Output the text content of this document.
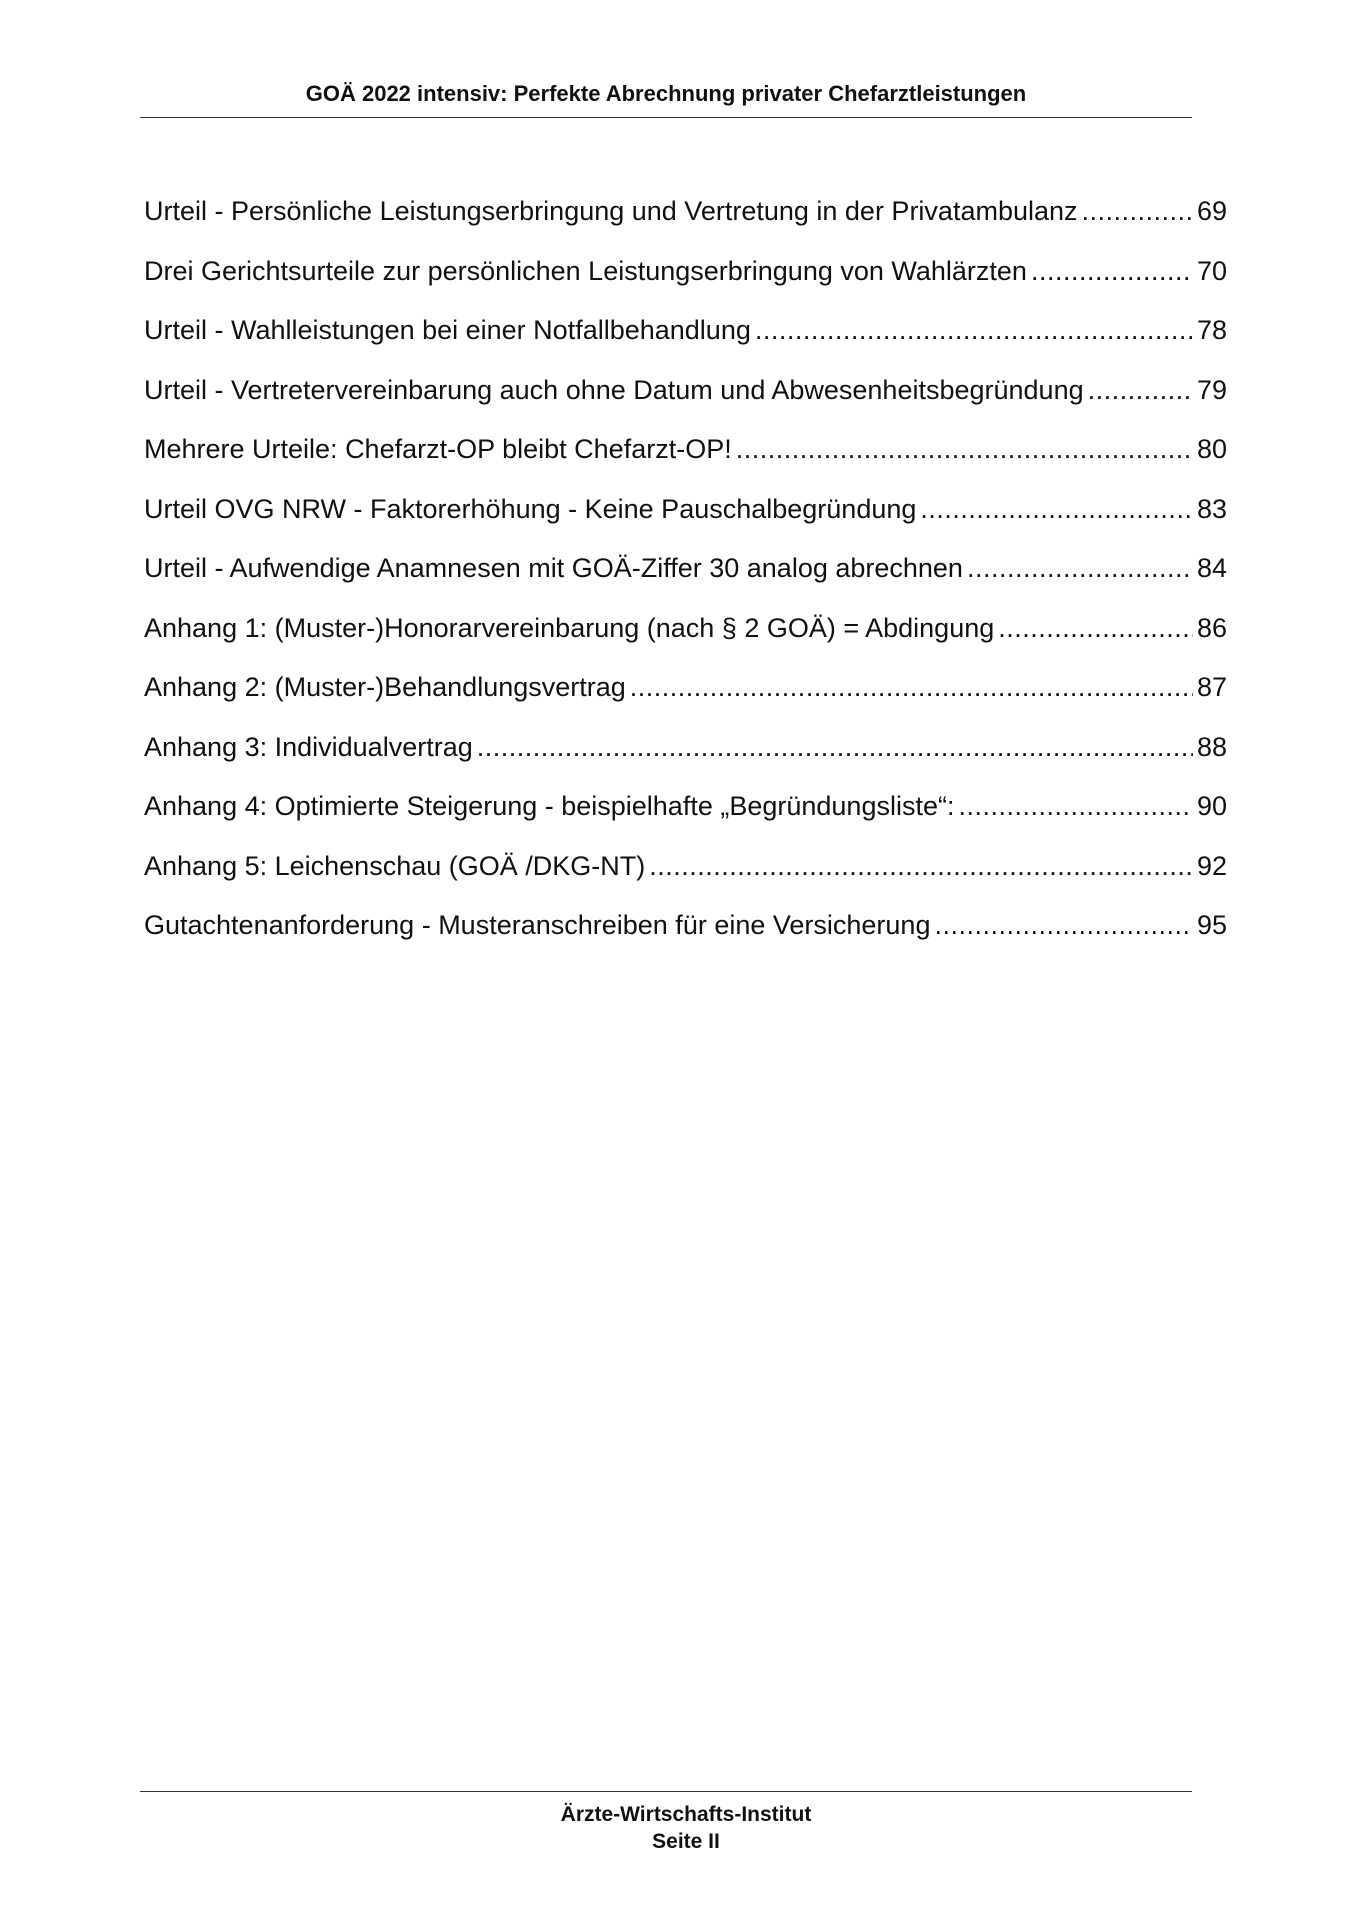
GOÄ 2022 intensiv: Perfekte Abrechnung privater Chefarztleistungen
Urteil - Persönliche Leistungserbringung und Vertretung in der Privatambulanz .....	69
Drei Gerichtsurteile zur persönlichen Leistungserbringung von Wahlärzten .....	70
Urteil - Wahlleistungen bei einer Notfallbehandlung .....	78
Urteil - Vertretervereinbarung auch ohne Datum und Abwesenheitsbegründung .....	79
Mehrere Urteile: Chefarzt-OP bleibt Chefarzt-OP! .....	80
Urteil OVG NRW - Faktorerhöhung - Keine Pauschalbegründung .....	83
Urteil - Aufwendige Anamnesen mit GOÄ-Ziffer 30 analog abrechnen .....	84
Anhang 1: (Muster-)Honorarvereinbarung (nach § 2 GOÄ) = Abdingung .....	86
Anhang 2: (Muster-)Behandlungsvertrag .....	87
Anhang 3: Individualvertrag .....	88
Anhang 4: Optimierte Steigerung - beispielhafte „Begründungsliste“: .....	90
Anhang 5: Leichenschau (GOÄ /DKG-NT) .....	92
Gutachtenanforderung - Musteranschreiben für eine Versicherung .....	95
Ärzte-Wirtschafts-Institut
Seite II
